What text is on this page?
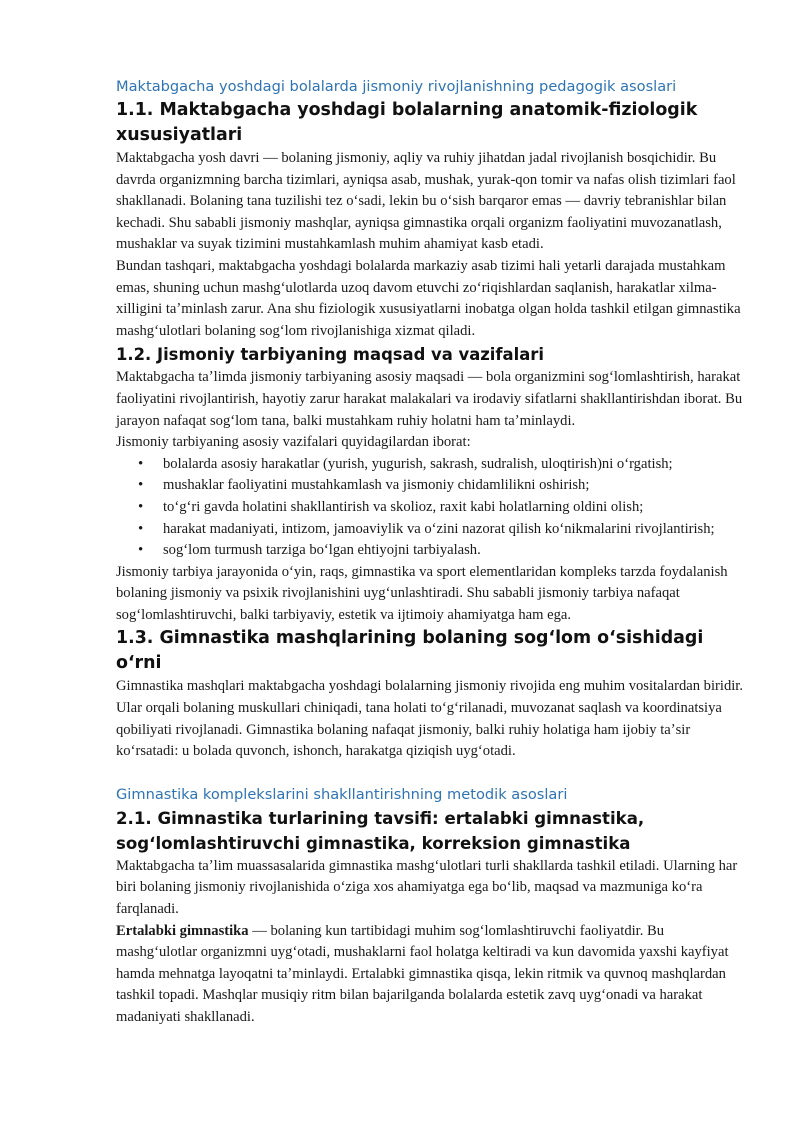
Maktabgacha yoshdagi bolalarda jismoniy rivojlanishning pedagogik asoslari
1.1. Maktabgacha yoshdagi bolalarning anatomik-fiziologik xususiyatlari

Maktabgacha yosh davri — bolaning jismoniy, aqliy va ruhiy jihatdan jadal rivojlanish bosqichidir. Bu davrda organizmning barcha tizimlari, ayniqsa asab, mushak, yurak-qon tomir va nafas olish tizimlari faol shakllanadi. Bolaning tana tuzilishi tez oʻsadi, lekin bu oʻsish barqaror emas — davriy tebranishlar bilan kechadi. Shu sababli jismoniy mashqlar, ayniqsa gimnastika orqali organizm faoliyatini muvozanatlash, mushaklar va suyak tizimini mustahkamlash muhim ahamiyat kasb etadi.

Bundan tashqari, maktabgacha yoshdagi bolalarda markaziy asab tizimi hali yetarli darajada mustahkam emas, shuning uchun mashgʻulotlarda uzoq davom etuvchi zoʻriqishlardan saqlanish, harakatlar xilma-xilligini taʼminlash zarur. Ana shu fiziologik xususiyatlarni inobatga olgan holda tashkil etilgan gimnastika mashgʻulotlari bolaning sogʻlom rivojlanishiga xizmat qiladi.

1.2. Jismoniy tarbiyaning maqsad va vazifalari

Maktabgacha taʼlimda jismoniy tarbiyaning asosiy maqsadi — bola organizmini sogʻlomlashtirish, harakat faoliyatini rivojlantirish, hayotiy zarur harakat malakalari va irodaviy sifatlarni shakllantirishdan iborat. Bu jarayon nafaqat sogʻlom tana, balki mustahkam ruhiy holatni ham taʼminlaydi.

Jismoniy tarbiyaning asosiy vazifalari quyidagilardan iborat:

• bolalarda asosiy harakatlar (yurish, yugurish, sakrash, sudralish, uloqtirish)ni oʻrgatish;
• mushaklar faoliyatini mustahkamlash va jismoniy chidamlilikni oshirish;
• toʻgʻri gavda holatini shakllantirish va skolioz, raxit kabi holatlarning oldini olish;
• harakat madaniyati, intizom, jamoaviylik va oʻzini nazorat qilish koʻnikmalarini rivojlantirish;
• sogʻlom turmush tarziga boʻlgan ehtiyojni tarbiyalash.

Jismoniy tarbiya jarayonida oʻyin, raqs, gimnastika va sport elementlaridan kompleks tarzda foydalanish bolaning jismoniy va psixik rivojlanishini uygʻunlashtiradi. Shu sababli jismoniy tarbiya nafaqat sogʻlomlashtiruvchi, balki tarbiyaviy, estetik va ijtimoiy ahamiyatga ham ega.

1.3. Gimnastika mashqlarining bolaning sogʻlom oʻsishidagi oʻrni

Gimnastika mashqlari maktabgacha yoshdagi bolalarning jismoniy rivojida eng muhim vositalardan biridir. Ular orqali bolaning muskullari chiniqadi, tana holati toʻgʻrilanadi, muvozanat saqlash va koordinatsiya qobiliyati rivojlanadi. Gimnastika bolaning nafaqat jismoniy, balki ruhiy holatiga ham ijobiy taʼsir koʻrsatadi: u bolada quvonch, ishonch, harakatga qiziqish uygʻotadi.

Gimnastika komplekslarini shakllantirishning metodik asoslari
2.1. Gimnastika turlarining tavsifi: ertalabki gimnastika, sogʻlomlashtiruvchi gimnastika, korreksion gimnastika

Maktabgacha taʼlim muassasalarida gimnastika mashgʻulotlari turli shakllarda tashkil etiladi. Ularning har biri bolaning jismoniy rivojlanishida oʻziga xos ahamiyatga ega boʻlib, maqsad va mazmuniga koʻra farqlanadi.

Ertalabki gimnastika — bolaning kun tartibidagi muhim sogʻlomlashtiruvchi faoliyatdir. Bu mashgʻulotlar organizmni uygʻotadi, mushaklarni faol holatga keltiradi va kun davomida yaxshi kayfiyat hamda mehnatga layoqatni taʼminlaydi. Ertalabki gimnastika qisqa, lekin ritmik va quvnoq mashqlardan tashkil topadi. Mashqlar musiqiy ritm bilan bajarilganda bolalarda estetik zavq uygʻonadi va harakat madaniyati shakllanadi.
